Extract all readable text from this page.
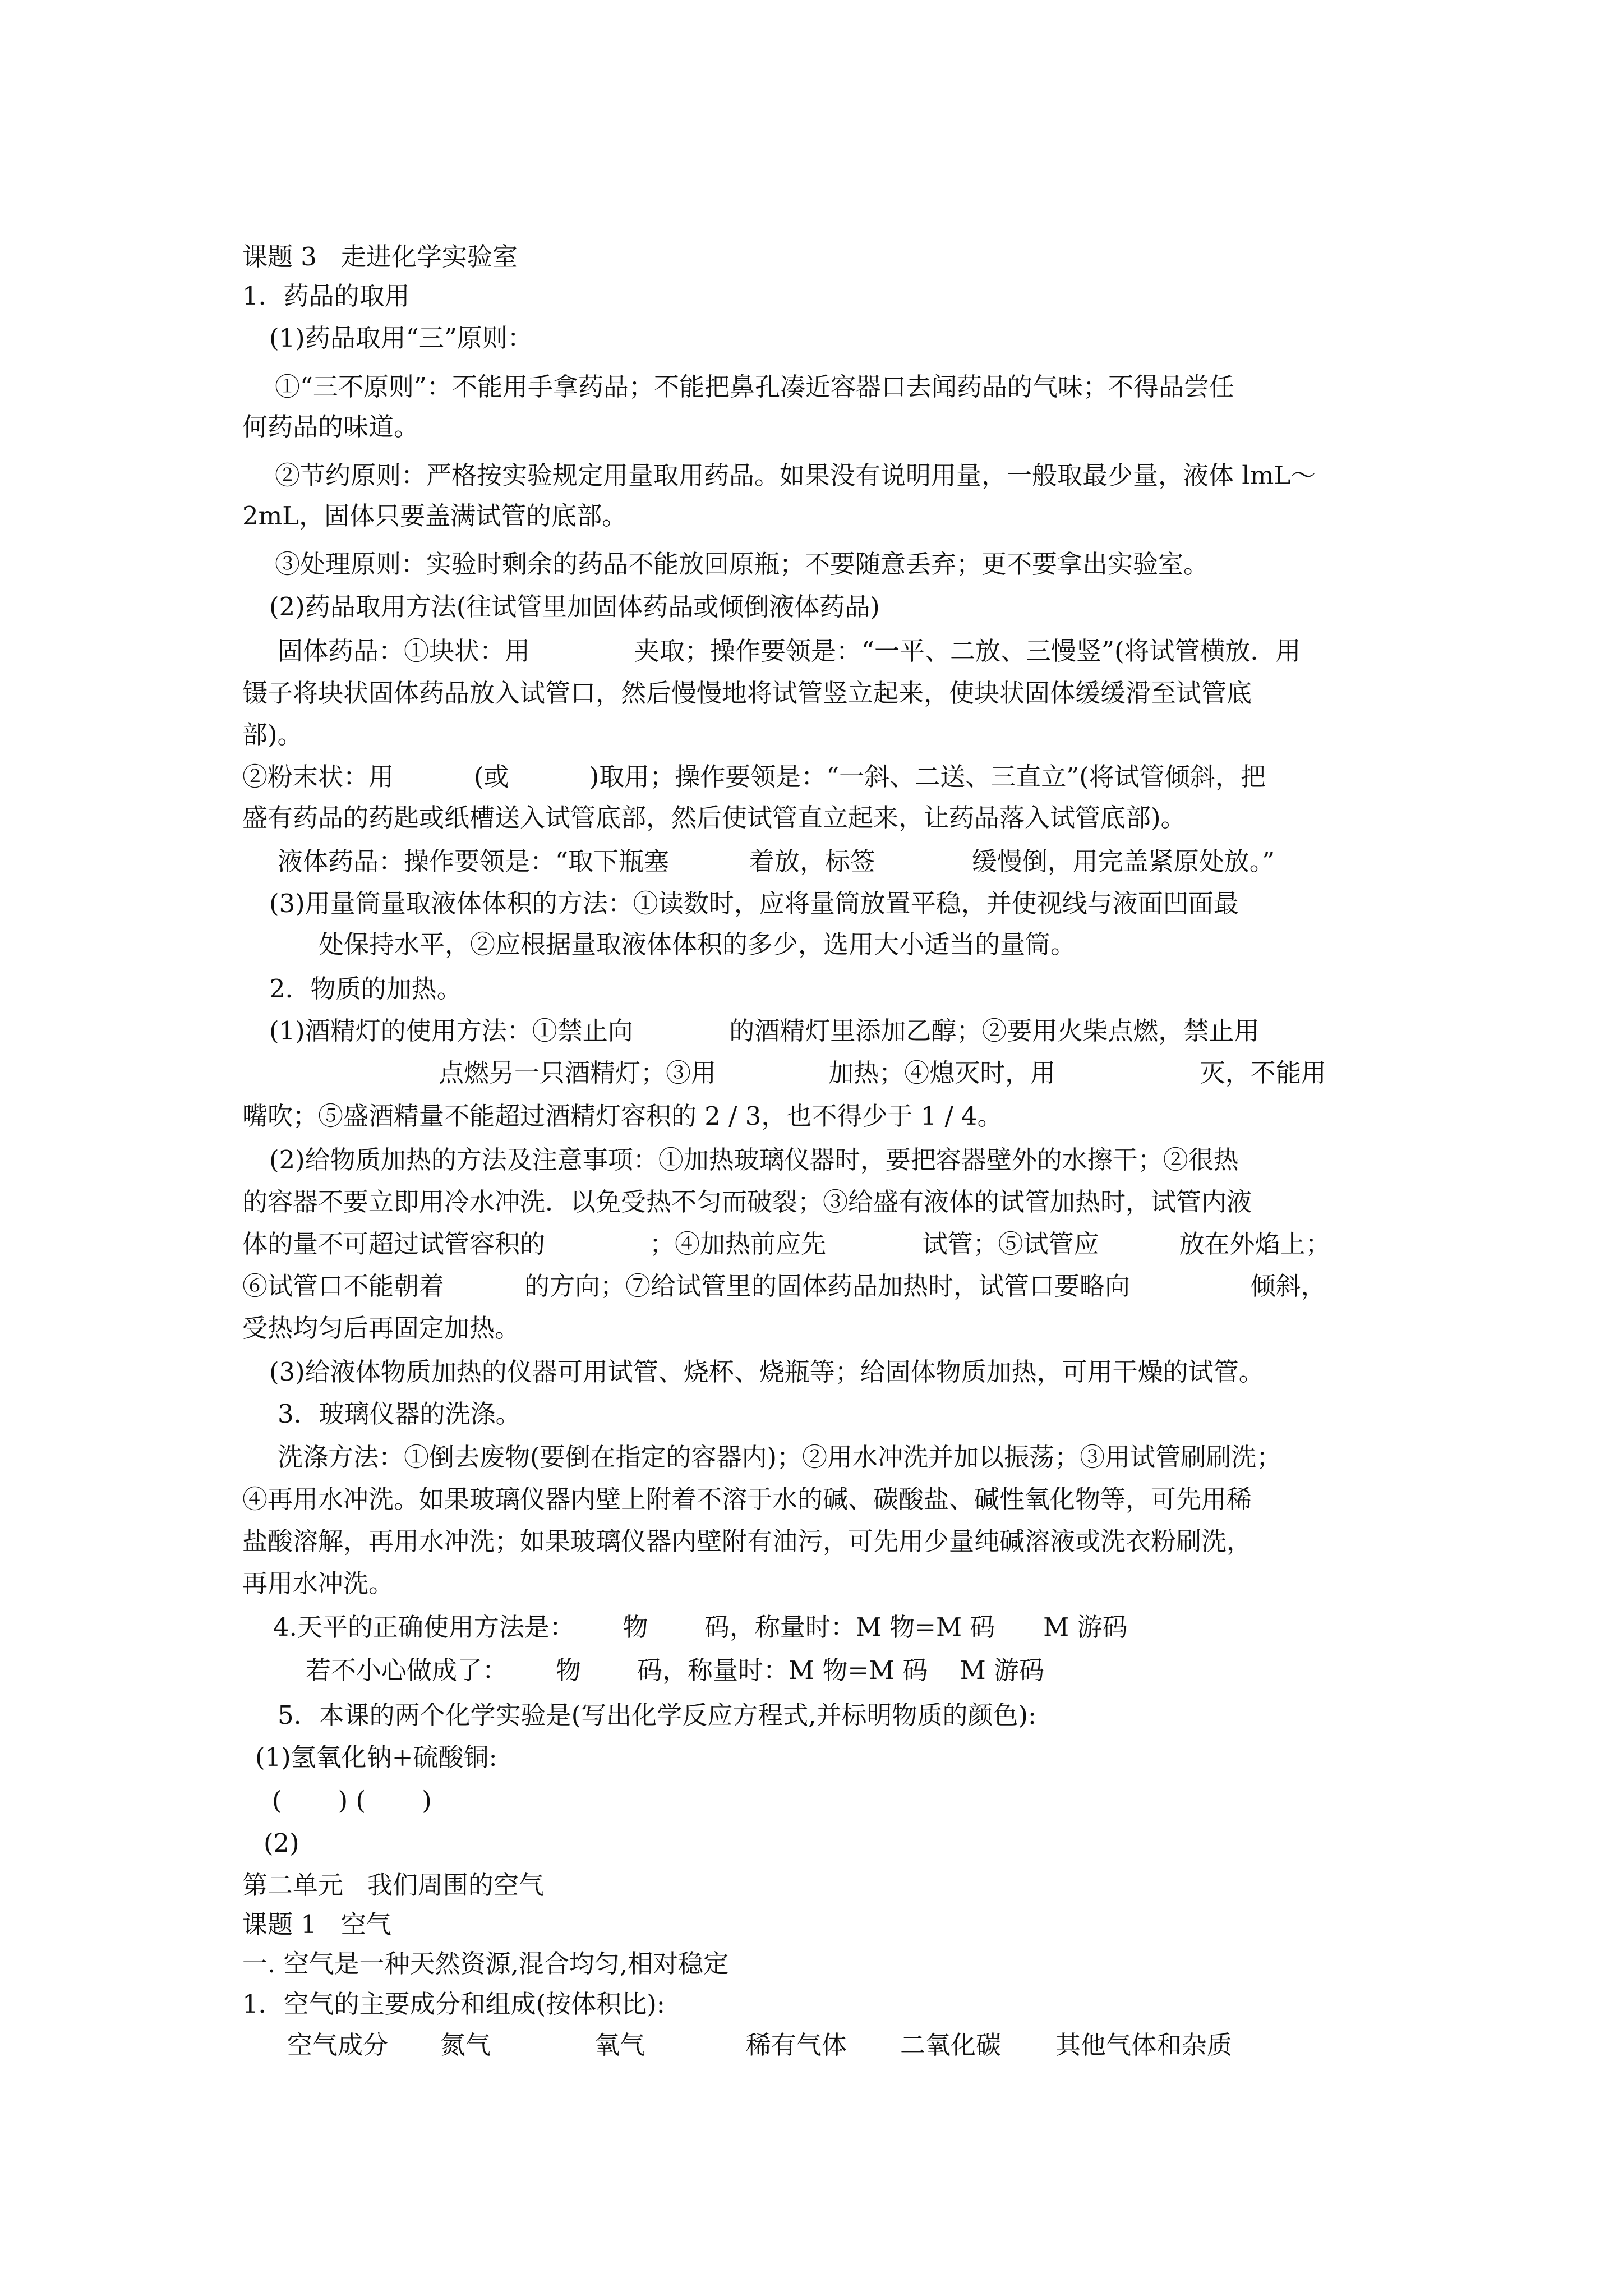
课题 3   走进化学实验室
1．药品的取用
(1)药品取用“三”原则：
①“三不原则”：不能用手拿药品；不能把鼻孔凑近容器口去闻药品的气味；不得品尝任
何药品的味道。
②节约原则：严格按实验规定用量取用药品。如果没有说明用量，一般取最少量，液体 lmL～
2mL，固体只要盖满试管的底部。
③处理原则：实验时剩余的药品不能放回原瓶；不要随意丢弃；更不要拿出实验室。
(2)药品取用方法(往试管里加固体药品或倾倒液体药品)
固体药品：①块状：用             夹取；操作要领是：“一平、二放、三慢竖”(将试管横放．用
镊子将块状固体药品放入试管口，然后慢慢地将试管竖立起来，使块状固体缓缓滑至试管底
部)。
②粉末状：用          (或          )取用；操作要领是：“一斜、二送、三直立”(将试管倾斜，把
盛有药品的药匙或纸槽送入试管底部，然后使试管直立起来，让药品落入试管底部)。
液体药品：操作要领是：“取下瓶塞          着放，标签            缓慢倒，用完盖紧原处放。”
(3)用量筒量取液体体积的方法：①读数时，应将量筒放置平稳，并使视线与液面凹面最
处保持水平，②应根据量取液体体积的多少，选用大小适当的量筒。
2．物质的加热。
(1)酒精灯的使用方法：①禁止向            的酒精灯里添加乙醇；②要用火柴点燃，禁止用
点燃另一只酒精灯；③用              加热；④熄灭时，用                  灭，不能用
嘴吹；⑤盛酒精量不能超过酒精灯容积的 2 / 3，也不得少于 1 / 4。
(2)给物质加热的方法及注意事项：①加热玻璃仪器时，要把容器壁外的水擦干；②很热
的容器不要立即用冷水冲洗．以免受热不匀而破裂；③给盛有液体的试管加热时，试管内液
体的量不可超过试管容积的             ；④加热前应先            试管；⑤试管应          放在外焰上；
⑥试管口不能朝着          的方向；⑦给试管里的固体药品加热时，试管口要略向               倾斜，
受热均匀后再固定加热。
(3)给液体物质加热的仪器可用试管、烧杯、烧瓶等；给固体物质加热，可用干燥的试管。
3．玻璃仪器的洗涤。
洗涤方法：①倒去废物(要倒在指定的容器内)；②用水冲洗并加以振荡；③用试管刷刷洗；
④再用水冲洗。如果玻璃仪器内壁上附着不溶于水的碱、碳酸盐、碱性氧化物等，可先用稀
盐酸溶解，再用水冲洗；如果玻璃仪器内壁附有油污，可先用少量纯碱溶液或洗衣粉刷洗，
再用水冲洗。
4.天平的正确使用方法是：      物       码，称量时：M 物=M 码      M 游码
若不小心做成了：      物       码，称量时：M 物=M 码    M 游码
5．本课的两个化学实验是(写出化学反应方程式,并标明物质的颜色):
(1)氢氧化钠+硫酸铜:
(       ) (       )
(2)
第二单元   我们周围的空气
课题 1   空气
一. 空气是一种天然资源,混合均匀,相对稳定
1．空气的主要成分和组成(按体积比):
空气成分 氮气	氧气	稀有气体 二氧化碳 其他气体和杂质
